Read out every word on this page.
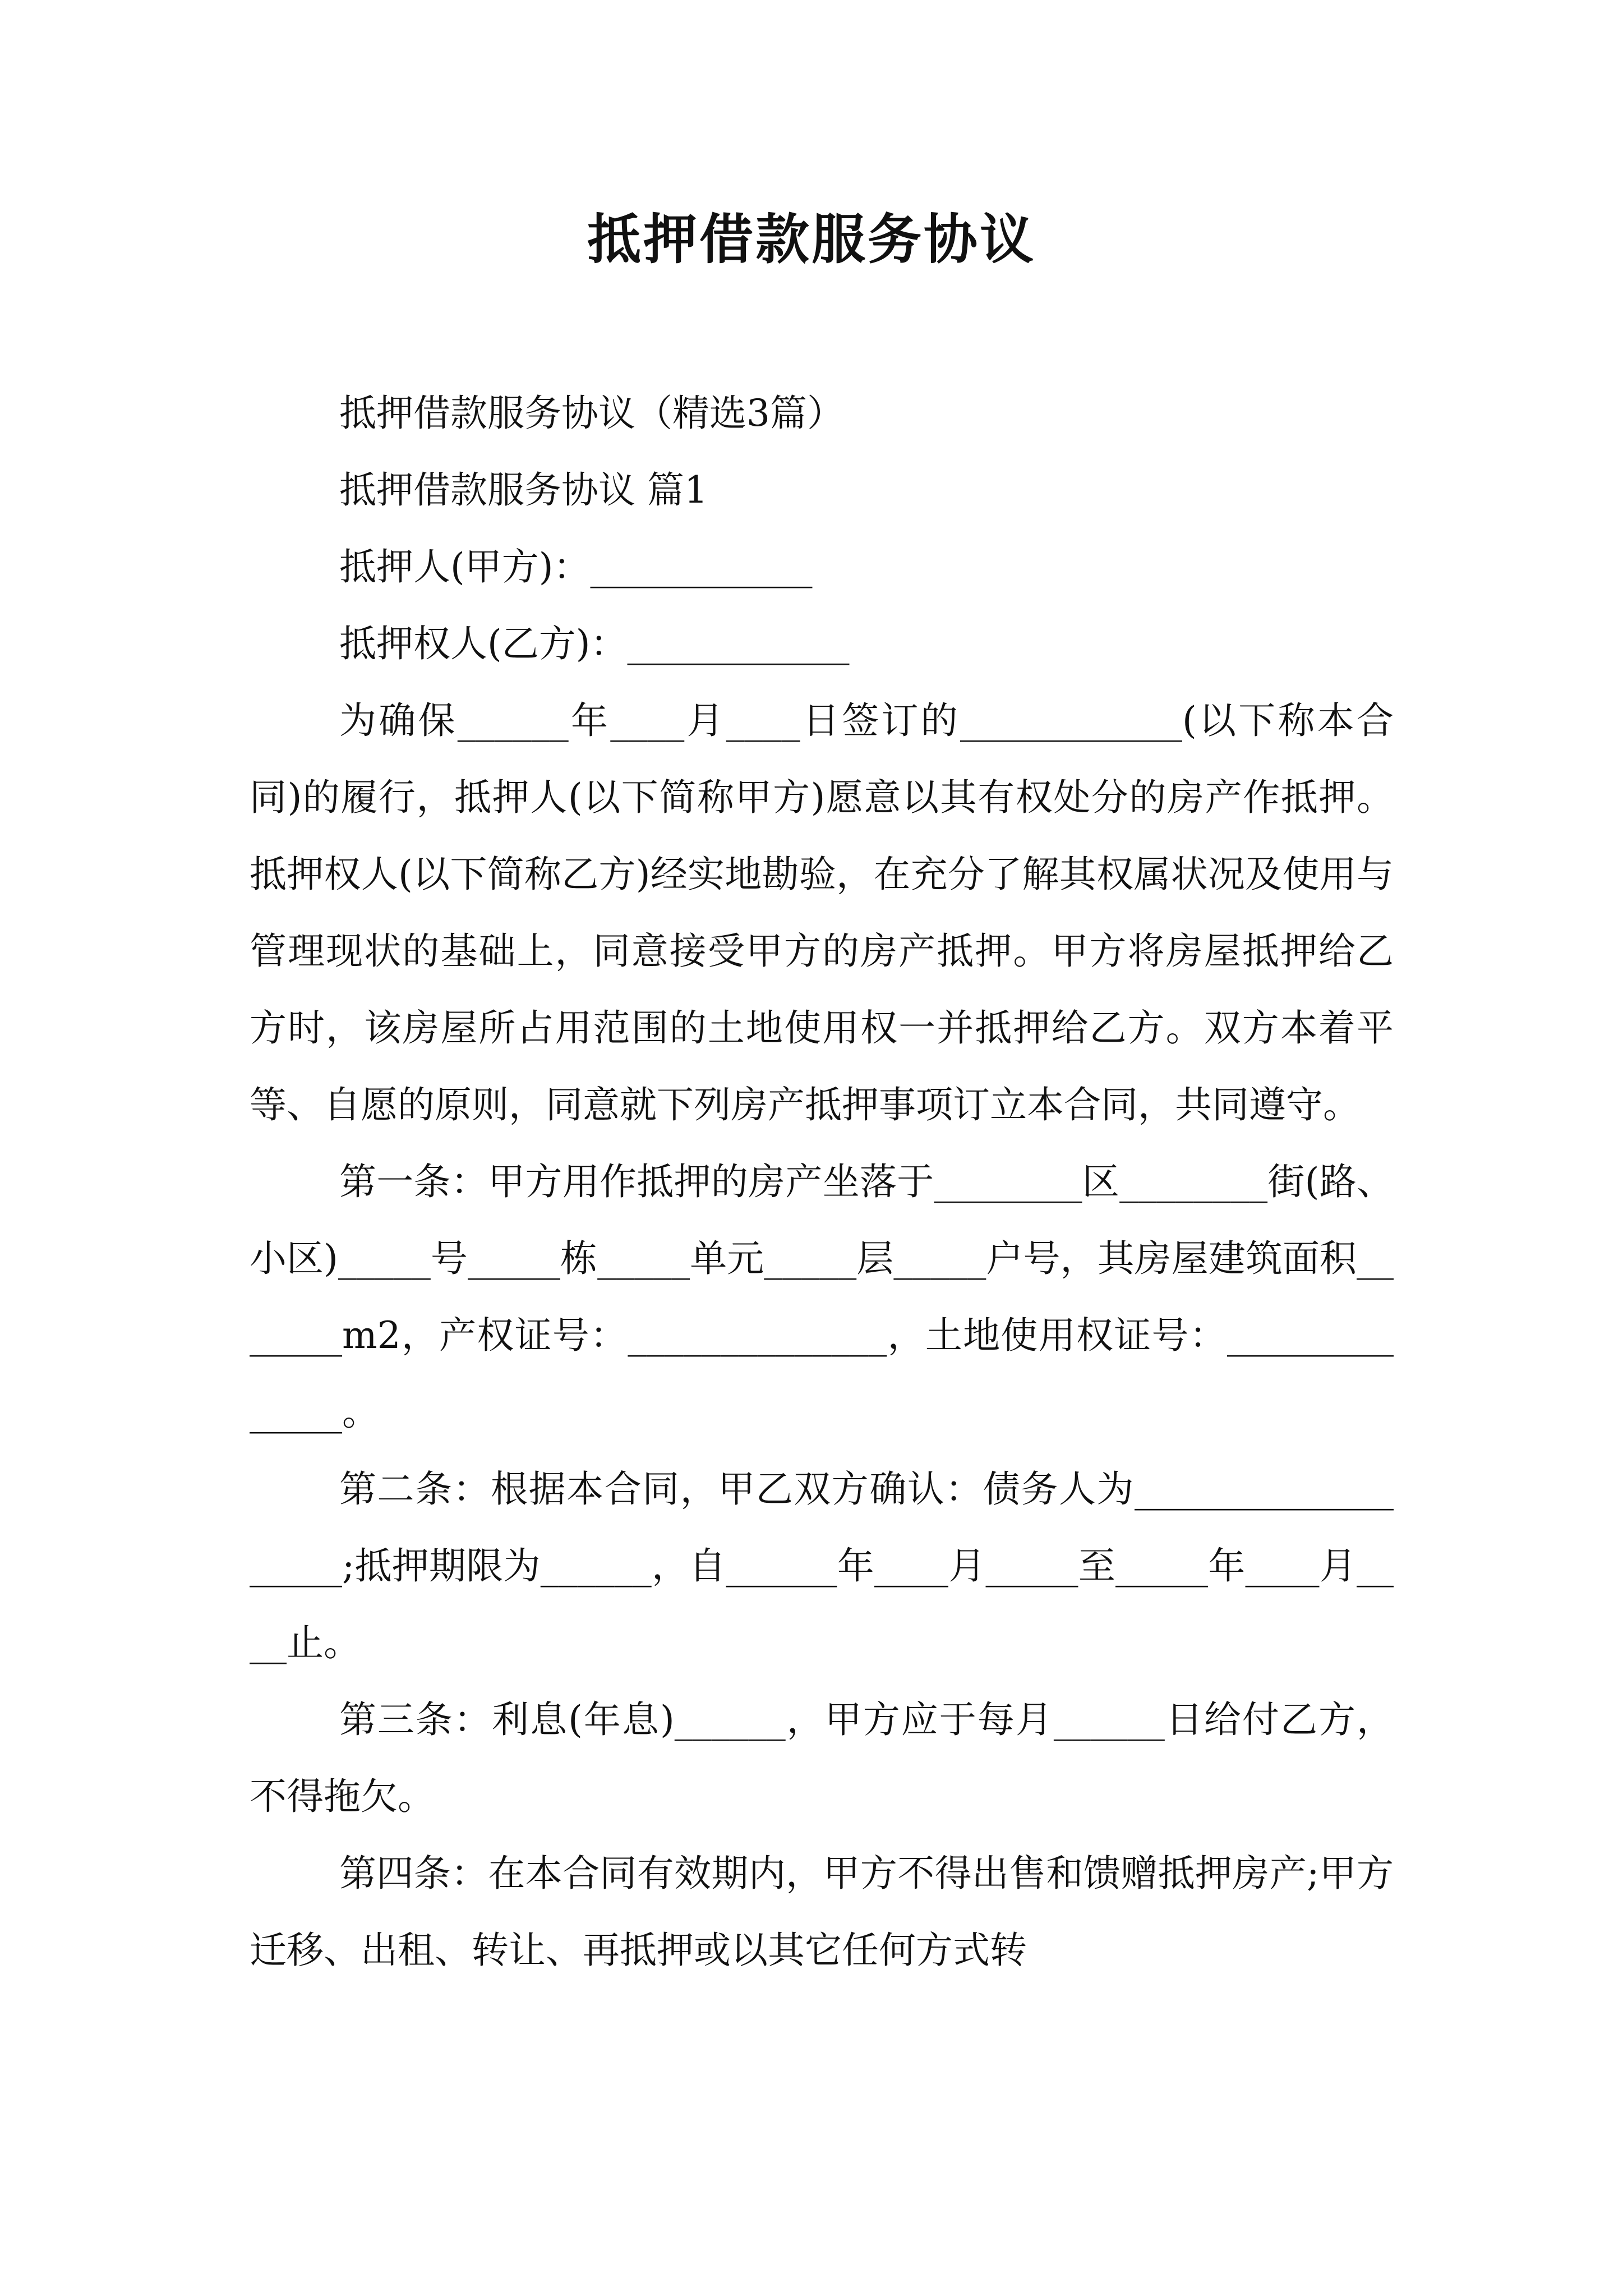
抵押借款服务协议

抵押借款服务协议（精选3篇）

抵押借款服务协议 篇1

抵押人(甲方)：____________

抵押权人(乙方)：____________

为确保______年____月____日签订的____________(以下称本合同)的履行，抵押人(以下简称甲方)愿意以其有权处分的房产作抵押。抵押权人(以下简称乙方)经实地勘验，在充分了解其权属状况及使用与管理现状的基础上，同意接受甲方的房产抵押。甲方将房屋抵押给乙方时，该房屋所占用范围的土地使用权一并抵押给乙方。双方本着平等、自愿的原则，同意就下列房产抵押事项订立本合同，共同遵守。

第一条：甲方用作抵押的房产坐落于________区________街(路、小区)_____号_____栋_____单元_____层_____户号，其房屋建筑面积_______m2，产权证号：______________，土地使用权证号：______________。

第二条：根据本合同，甲乙双方确认：债务人为___________________;抵押期限为______，自______年____月_____至_____年____月____止。

第三条：利息(年息)______，甲方应于每月______日给付乙方，不得拖欠。

第四条：在本合同有效期内，甲方不得出售和馈赠抵押房产;甲方迁移、出租、转让、再抵押或以其它任何方式转
